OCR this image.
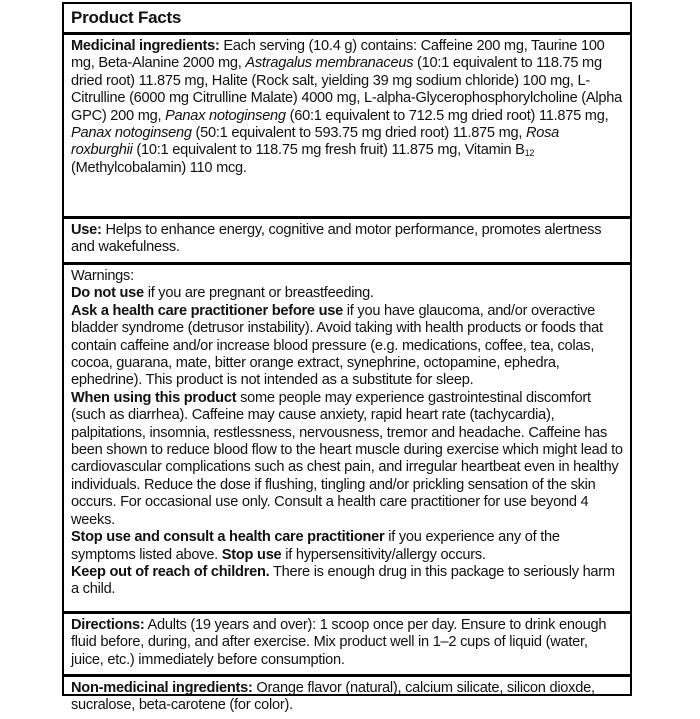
Product Facts

Medicinal ingredients: Each serving (10.4 g) contains: Caffeine 200 mg, Taurine 100 mg, Beta-Alanine 2000 mg, Astragalus membranaceus (10:1 equivalent to 118.75 mg dried root) 11.875 mg, Halite (Rock salt, yielding 39 mg sodium chloride) 100 mg, L-Citrulline (6000 mg Citrulline Malate) 4000 mg, L-alpha-Glycerophosphorylcholine (Alpha GPC) 200 mg, Panax notoginseng (60:1 equivalent to 712.5 mg dried root) 11.875 mg, Panax notoginseng (50:1 equivalent to 593.75 mg dried root) 11.875 mg, Rosa roxburghii (10:1 equivalent to 118.75 mg fresh fruit) 11.875 mg, Vitamin $B_{12}$ (Methylcobalamin) 110 mcg.

Use: Helps to enhance energy, cognitive and motor performance, promotes alertness and wakefulness.

Warnings:

Do not use if you are pregnant or breastfeeding.

Ask a health care practitioner before use if you have glaucoma, and/or overactive bladder syndrome (detrusor instability). Avoid taking with health products or foods that contain caffeine and/or increase blood pressure (e.g. medications, coffee, tea, colas, cocoa, guarana, mate, bitter orange extract, synephrine, octopamine, ephedra, ephedrine). This product is not intended as a substitute for sleep.

When using this product some people may experience gastrointestinal discomfort (such as diarrhea). Caffeine may cause anxiety, rapid heart rate (tachycardia), palpitations, insomnia, restlessness, nervousness, tremor and headache. Caffeine has been shown to reduce blood flow to the heart muscle during exercise which might lead to cardiovascular complications such as chest pain, and irregular heartbeat even in healthy individuals. Reduce the dose if flushing, tingling and/or prickling sensation of the skin occurs. For occasional use only. Consult a health care practitioner for use beyond 4 weeks.

Stop use and consult a health care practitioner if you experience any of the symptoms listed above. Stop use if hypersensitivity/allergy occurs.

Keep out of reach of children. There is enough drug in this package to seriously harm a child.

Directions: Adults (19 years and over): 1 scoop once per day. Ensure to drink enough fluid before, during, and after exercise. Mix product well in 1–2 cups of liquid (water, juice, etc.) immediately before consumption.

Non-medicinal ingredients: Orange flavor (natural), calcium silicate, silicon dioxde, sucralose, beta-carotene (for color).
